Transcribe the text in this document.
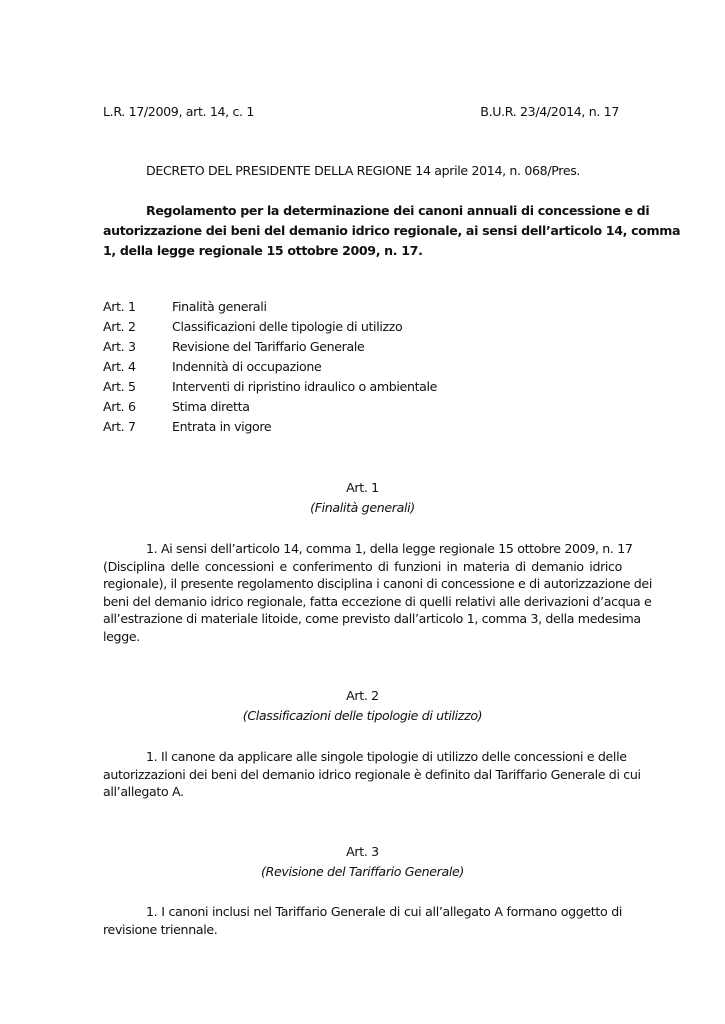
L.R. 17/2009, art. 14, c. 1	B.U.R. 23/4/2014, n. 17
DECRETO DEL PRESIDENTE DELLA REGIONE 14 aprile 2014, n. 068/Pres.

Regolamento per la determinazione dei canoni annuali di concessione e di

autorizzazione dei beni del demanio idrico regionale, ai sensi dell’articolo 14, comma

1, della legge regionale 15 ottobre 2009, n. 17.

Art. 1	Finalità generali
Art. 2	Classificazioni delle tipologie di utilizzo
Art. 3	Revisione del Tariffario Generale
Art. 4	Indennità di occupazione
Art. 5	Interventi di ripristino idraulico o ambientale
Art. 6	Stima diretta
Art. 7	Entrata in vigore
Art. 1
(Finalità generali)

1. Ai sensi dell’articolo 14, comma 1, della legge regionale 15 ottobre 2009, n. 17

(Disciplina delle concessioni e conferimento di funzioni in materia di demanio idrico

regionale), il presente regolamento disciplina i canoni di concessione e di autorizzazione dei

beni del demanio idrico regionale, fatta eccezione di quelli relativi alle derivazioni d’acqua e

all’estrazione di materiale litoide, come previsto dall’articolo 1, comma 3, della medesima

legge.

Art. 2
(Classificazioni delle tipologie di utilizzo)

1. Il canone da applicare alle singole tipologie di utilizzo delle concessioni e delle

autorizzazioni dei beni del demanio idrico regionale è definito dal Tariffario Generale di cui

all’allegato A.

Art. 3
(Revisione del Tariffario Generale)

1. I canoni inclusi nel Tariffario Generale di cui all’allegato A formano oggetto di

revisione triennale.
